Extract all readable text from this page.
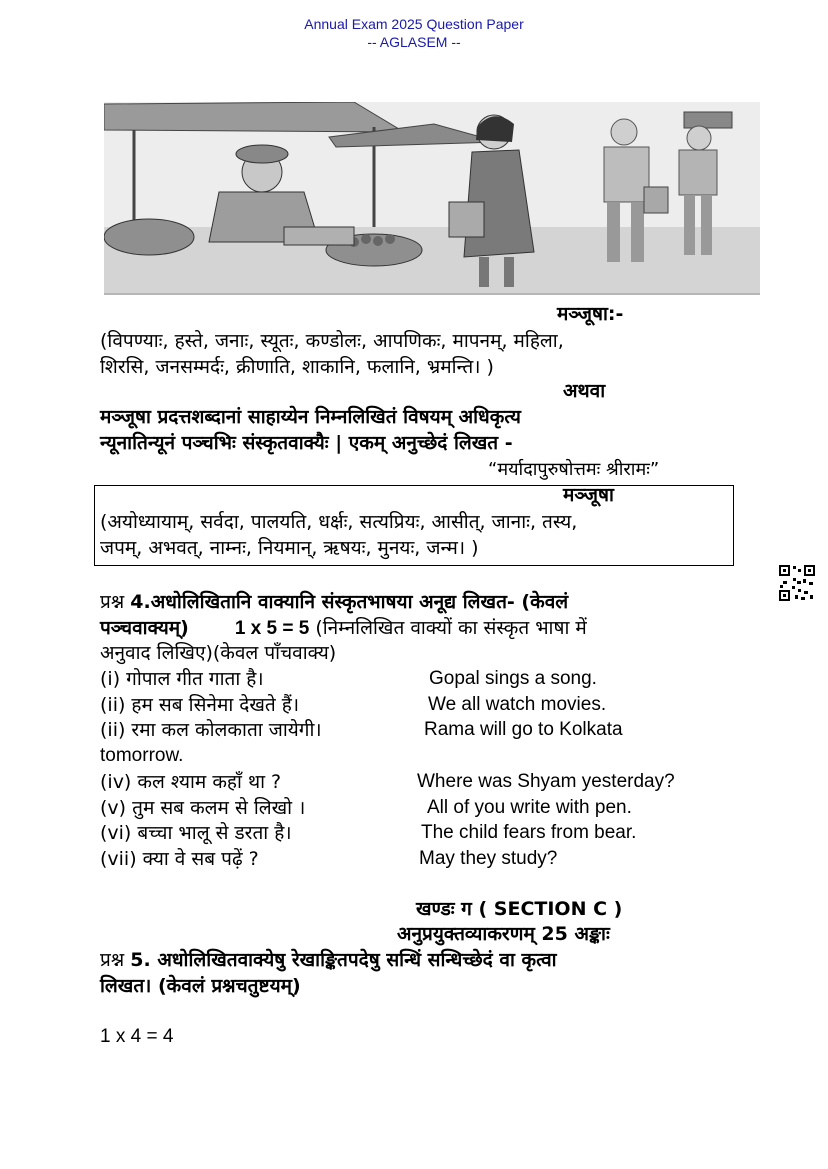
Annual Exam 2025 Question Paper
-- AGLASEM --
मञ्जूषा:-
(विपण्याः, हस्ते, जनाः, स्यूतः, कण्डोलः, आपणिकः, मापनम्, महिला,
शिरसि, जनसम्मर्दः, क्रीणाति, शाकानि, फलानि, भ्रमन्ति। )
अथवा
मञ्जूषा प्रदत्तशब्दानां साहाय्येन निम्नलिखितं विषयम् अधिकृत्य
न्यूनातिन्यूनं पञ्चभिः संस्कृतवाक्यैः | एकम् अनुच्छेदं लिखत -
“मर्यादापुरुषोत्तमः श्रीरामः”
मञ्जूषा
(अयोध्यायाम्, सर्वदा, पालयति, धर्क्षः, सत्यप्रियः, आसीत्, जानाः, तस्य,
जपम्, अभवत्, नाम्नः, नियमान्, ऋषयः, मुनयः, जन्म। )
प्रश्न 4.अधोलिखितानि वाक्यानि संस्कृतभाषया अनूद्य लिखत- (केवलं
पञ्चवाक्यम्) 1 x 5 = 5 (निम्नलिखित वाक्यों का संस्कृत भाषा में
अनुवाद लिखिए)(केवल पाँचवाक्य)
(i) गोपाल गीत गाता है।	Gopal sings a song.
(ii) हम सब सिनेमा देखते हैं।	We all watch movies.
(ii) रमा कल कोलकाता जायेगी।	Rama will go to Kolkata
tomorrow.
(iv) कल श्याम कहाँ था ?	Where was Shyam yesterday?
(v) तुम सब कलम से लिखो ।	All of you write with pen.
(vi) बच्चा भालू से डरता है।	The child fears from bear.
(vii) क्या वे सब पढ़ें ?	May they study?
खण्डः ग ( SECTION C )
अनुप्रयुक्तव्याकरणम् 25 अङ्काः
प्रश्न 5. अधोलिखितवाक्येषु रेखाङ्कितपदेषु सन्धिं सन्धिच्छेदं वा कृत्वा
लिखत। (केवलं प्रश्नचतुष्टयम्)
1 x 4 = 4
